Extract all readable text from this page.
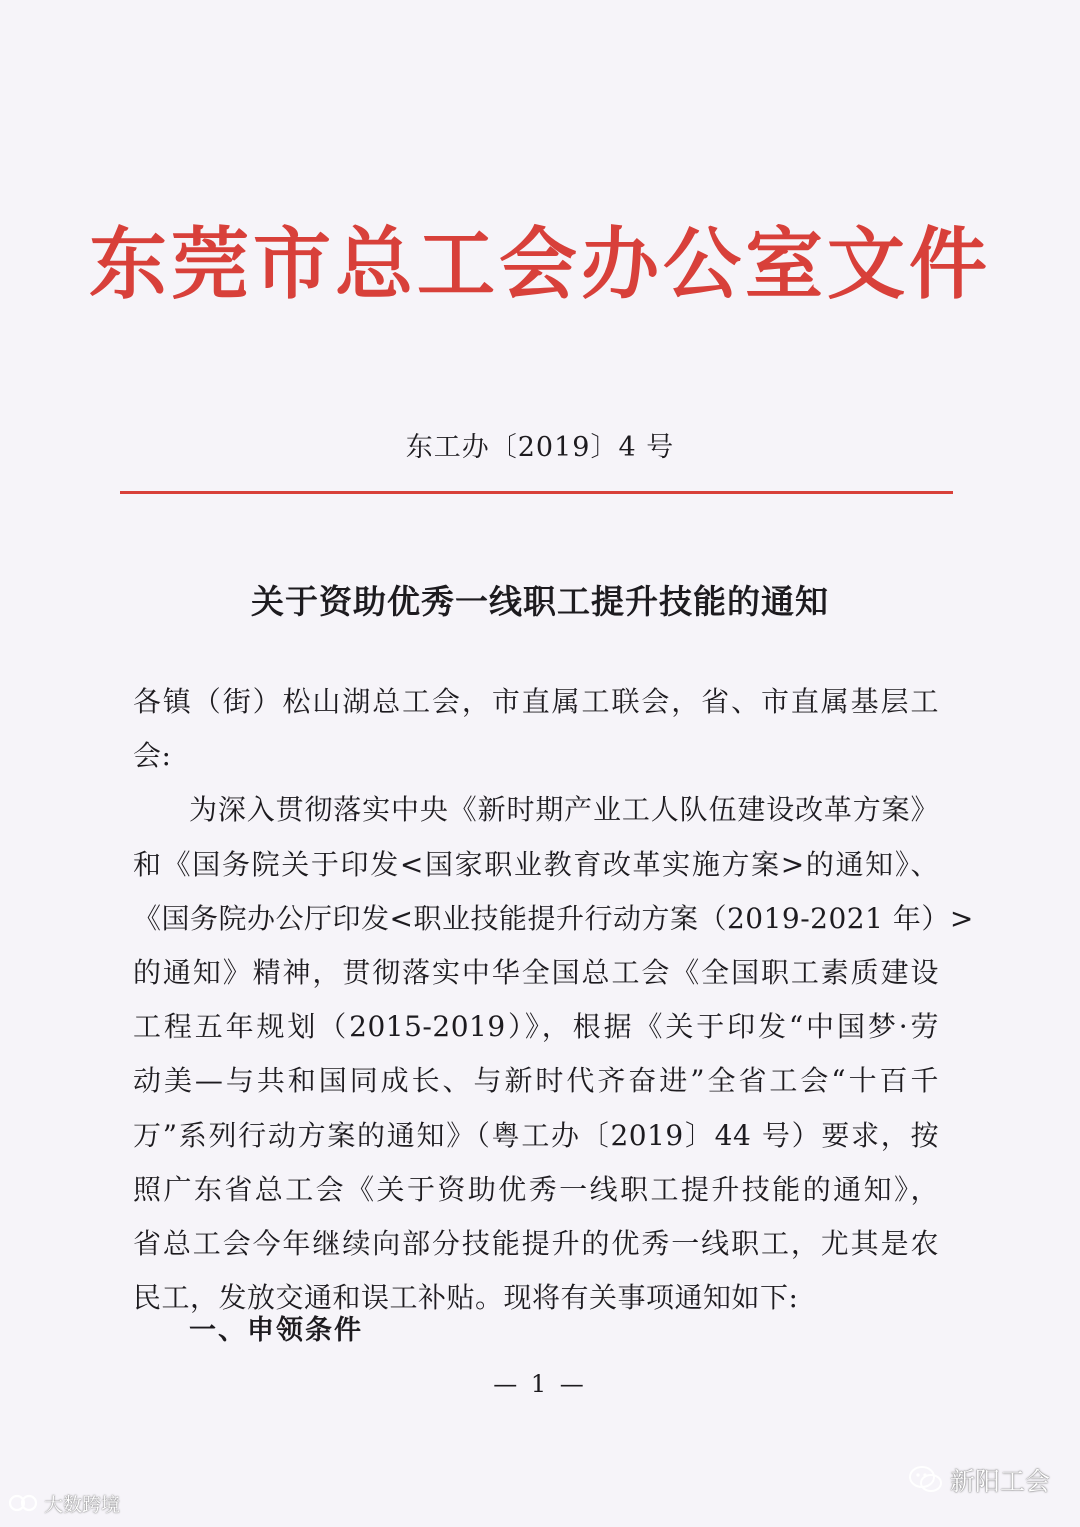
东莞市总工会办公室文件
东工办〔2019〕4 号
关于资助优秀一线职工提升技能的通知
各镇（街）松山湖总工会，市直属工联会，省、市直属基层工
会:
为深入贯彻落实中央《新时期产业工人队伍建设改革方案》
和《国务院关于印发<国家职业教育改革实施方案>的通知》、
《国务院办公厅印发<职业技能提升行动方案（2019-2021 年）>
的通知》精神，贯彻落实中华全国总工会《全国职工素质建设
工程五年规划（2015-2019）》，根据《关于印发“中国梦·劳
动美—与共和国同成长、与新时代齐奋进”全省工会“十百千
万”系列行动方案的通知》（粤工办〔2019〕44 号）要求，按
照广东省总工会《关于资助优秀一线职工提升技能的通知》，
省总工会今年继续向部分技能提升的优秀一线职工，尤其是农
民工，发放交通和误工补贴。现将有关事项通知如下:
一、申领条件
— 1 —
大数跨境
新阳工会
